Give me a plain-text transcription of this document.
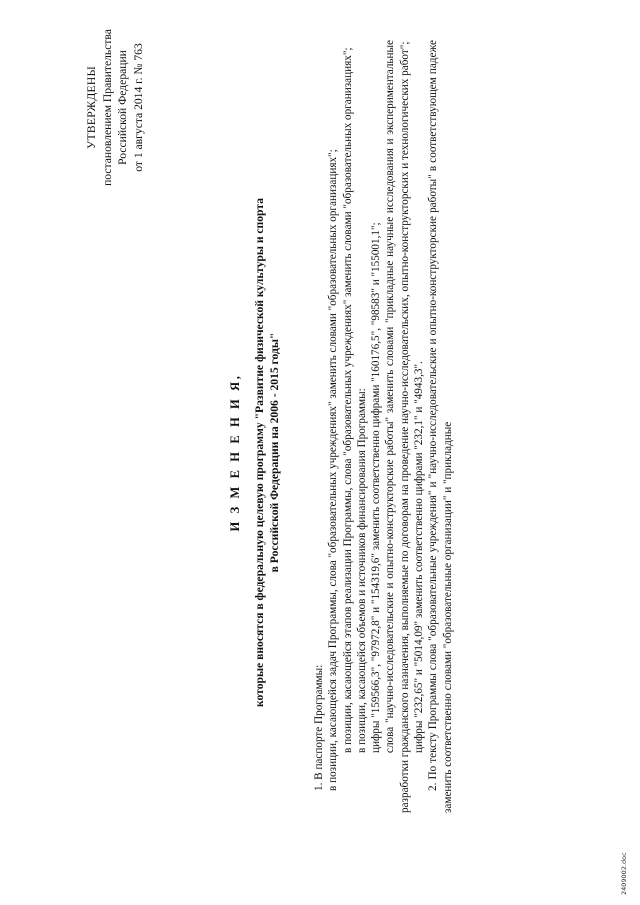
УТВЕРЖДЕНЫ постановлением Правительства Российской Федерации от 1 августа 2014 г. № 763
И З М Е Н Е Н И Я, которые вносятся в федеральную целевую программу "Развитие физической культуры и спорта в Российской Федерации на 2006 - 2015 годы"

1. В паспорте Программы: в позиции, касающейся задач Программы, слова "образовательных учреждениях" заменить словами "образовательных организациях"; в позиции, касающейся этапов реализации Программы, слова "образовательных учреждениях" заменить словами "образовательных организациях"; в позиции, касающейся объемов и источников финансирования Программы: цифры "159566,3", "97972,8" и "154319,6" заменить соответственно цифрами "160176,5", "98583" и "155001,1"; слова "научно-исследовательские и опытно-конструкторские работы" заменить словами "прикладные научные исследования и экспериментальные разработки гражданского назначения, выполняемые по договорам на проведение научно-исследовательских, опытно-конструкторских и технологических работ"; цифры "232,65" и "5014,09" заменить соответственно цифрами "232,1" и "4943,3". 2. По тексту Программы слова "образовательные учреждения" и "научно-исследовательские и опытно-конструкторские работы" в соответствующем падеже заменить соответственно словами "образовательные организации" и "прикладные

2409002.doc
